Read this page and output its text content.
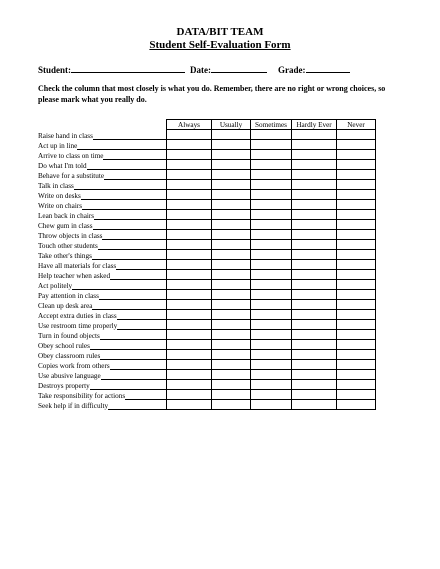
DATA/BIT TEAM
Student Self-Evaluation Form
Student:	Date:	Grade:
Check the column that most closely is what you do. Remember, there are no right or wrong choices, so please mark what you really do.
	Always	Usually	Sometimes	Hardly Ever	Never
Raise hand in class					
Act up in line					
Arrive to class on time					
Do what I'm told					
Behave for a substitute					
Talk in class					
Write on desks					
Write on chairs					
Lean back in chairs					
Chew gum in class					
Throw objects in class					
Touch other students					
Take other's things					
Have all materials for class					
Help teacher when asked					
Act politely					
Pay attention in class					
Clean up desk area					
Accept extra duties in class					
Use restroom time properly					
Turn in found objects					
Obey school rules					
Obey classroom rules					
Copies work from others					
Use abusive language					
Destroys property					
Take responsibility for actions					
Seek help if in difficulty					
